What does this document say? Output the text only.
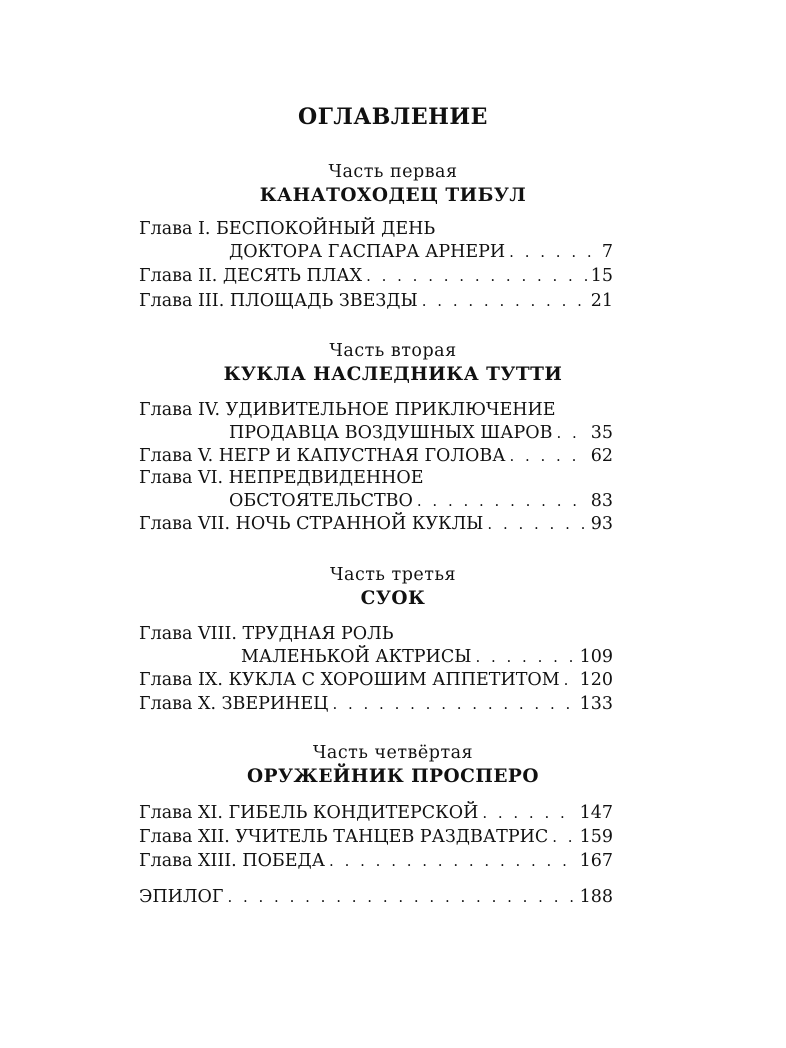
ОГЛАВЛЕНИЕ
Часть первая
КАНАТОХОДЕЦ ТИБУЛ
Глава I. БЕСПОКОЙНЫЙ ДЕНЬ
ДОКТОРА ГАСПАРА АРНЕРИ . . .	7
Глава II. ДЕСЯТЬ ПЛАХ . . .	15
Глава III. ПЛОЩАДЬ ЗВЕЗДЫ . . .	21
Часть вторая
КУКЛА НАСЛЕДНИКА ТУТТИ
Глава IV. УДИВИТЕЛЬНОЕ ПРИКЛЮЧЕНИЕ
ПРОДАВЦА ВОЗДУШНЫХ ШАРОВ . . . 35
Глава V. НЕГР И КАПУСТНАЯ ГОЛОВА . . .	62
Глава VI. НЕПРЕДВИДЕННОЕ
ОБСТОЯТЕЛЬСТВО . . .	83
Глава VII. НОЧЬ СТРАННОЙ КУКЛЫ . . .	93
Часть третья
СУОК
Глава VIII. ТРУДНАЯ РОЛЬ
МАЛЕНЬКОЙ АКТРИСЫ . . .	109
Глава IX. КУКЛА С ХОРОШИМ АППЕТИТОМ . . . 120
Глава X. ЗВЕРИНЕЦ . . .	133
Часть четвёртая
ОРУЖЕЙНИК ПРОСПЕРО
Глава XI. ГИБЕЛЬ КОНДИТЕРСКОЙ . . .	147
Глава XII. УЧИТЕЛЬ ТАНЦЕВ РАЗДВАТРИС . . . 159
Глава XIII. ПОБЕДА . . .	167
ЭПИЛОГ . . .	188
